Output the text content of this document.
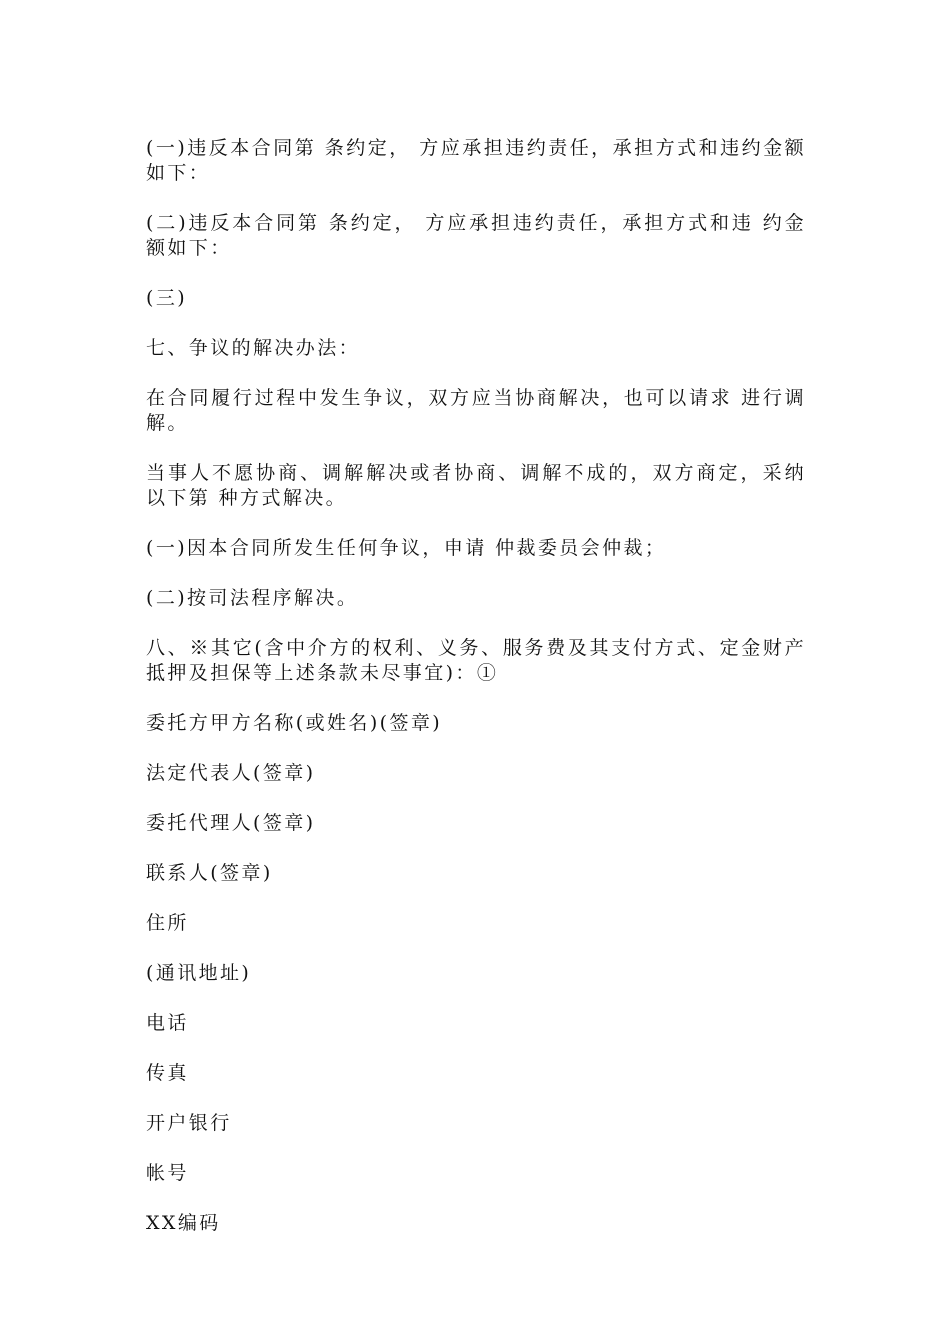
(一)违反本合同第 条约定， 方应承担违约责任，承担方式和违约金额如下：

(二)违反本合同第 条约定， 方应承担违约责任，承担方式和违 约金额如下：

(三)

七、争议的解决办法：

在合同履行过程中发生争议，双方应当协商解决，也可以请求 进行调解。

当事人不愿协商、调解解决或者协商、调解不成的，双方商定，采纳以下第 种方式解决。

(一)因本合同所发生任何争议，申请 仲裁委员会仲裁；

(二)按司法程序解决。

八、※其它(含中介方的权利、义务、服务费及其支付方式、定金财产抵押及担保等上述条款未尽事宜)：①

委托方甲方名称(或姓名)(签章)

法定代表人(签章)

委托代理人(签章)

联系人(签章)

住所

(通讯地址)

电话

传真

开户银行

帐号

XX编码
